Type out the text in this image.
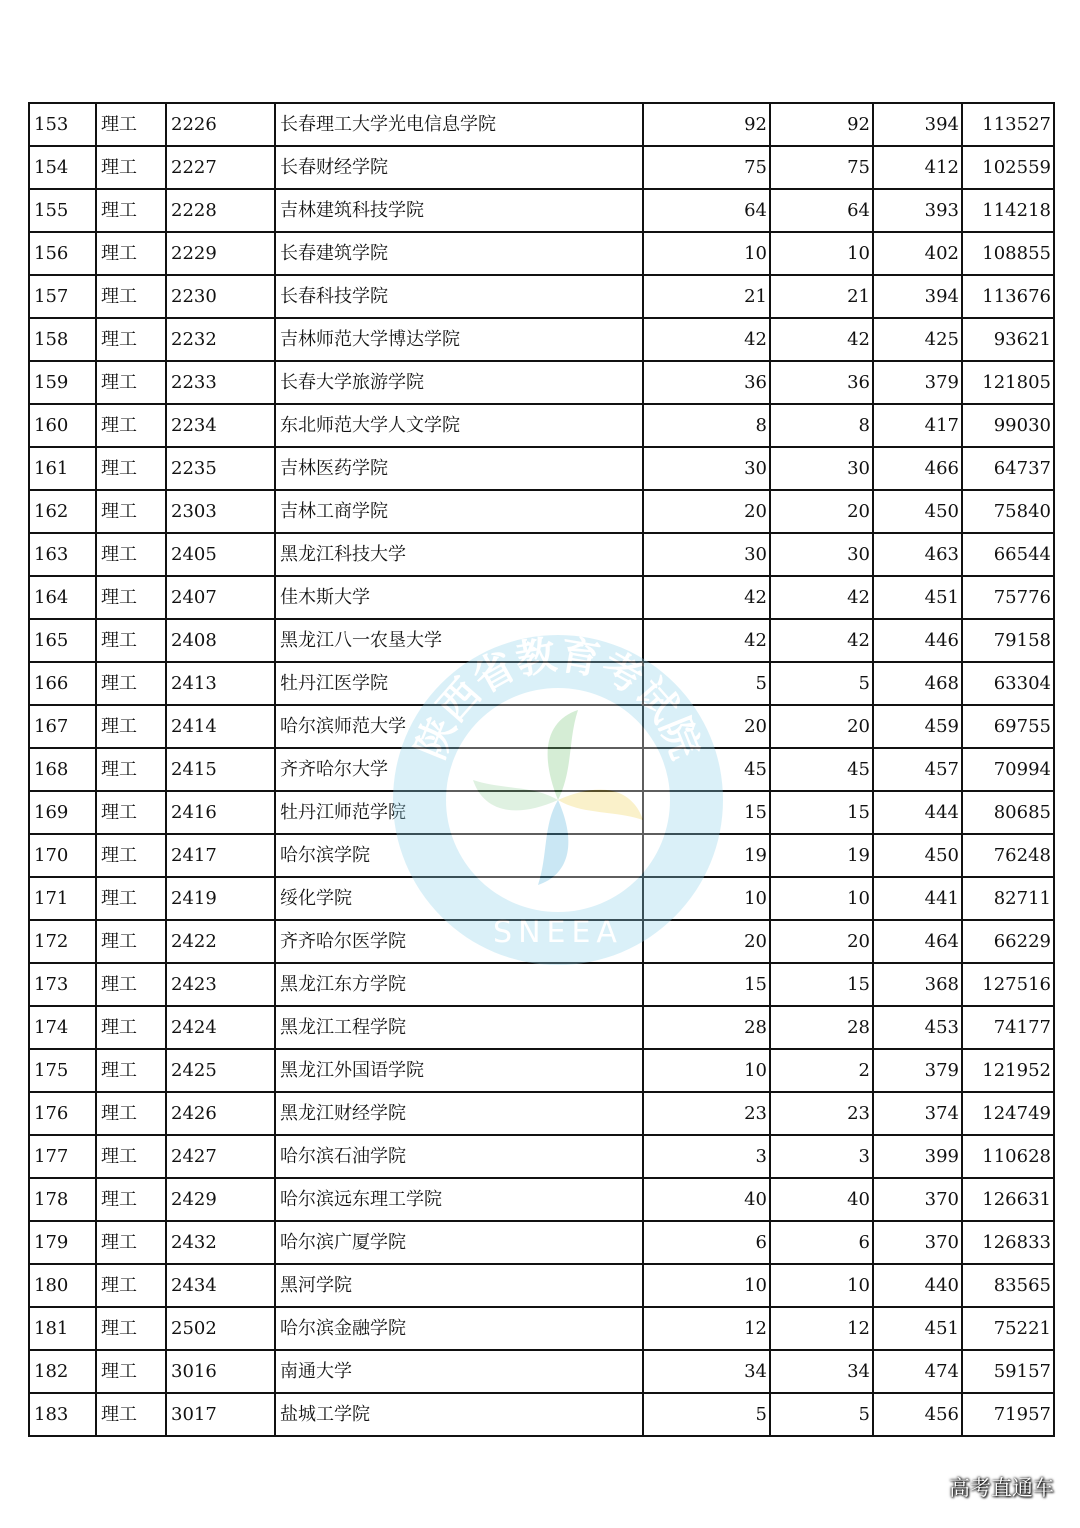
153	理工	2226	长春理工大学光电信息学院	92	92	394	113527
154	理工	2227	长春财经学院	75	75	412	102559
155	理工	2228	吉林建筑科技学院	64	64	393	114218
156	理工	2229	长春建筑学院	10	10	402	108855
157	理工	2230	长春科技学院	21	21	394	113676
158	理工	2232	吉林师范大学博达学院	42	42	425	93621
159	理工	2233	长春大学旅游学院	36	36	379	121805
160	理工	2234	东北师范大学人文学院	8	8	417	99030
161	理工	2235	吉林医药学院	30	30	466	64737
162	理工	2303	吉林工商学院	20	20	450	75840
163	理工	2405	黑龙江科技大学	30	30	463	66544
164	理工	2407	佳木斯大学	42	42	451	75776
165	理工	2408	黑龙江八一农垦大学	42	42	446	79158
166	理工	2413	牡丹江医学院	5	5	468	63304
167	理工	2414	哈尔滨师范大学	20	20	459	69755
168	理工	2415	齐齐哈尔大学	45	45	457	70994
169	理工	2416	牡丹江师范学院	15	15	444	80685
170	理工	2417	哈尔滨学院	19	19	450	76248
171	理工	2419	绥化学院	10	10	441	82711
172	理工	2422	齐齐哈尔医学院	20	20	464	66229
173	理工	2423	黑龙江东方学院	15	15	368	127516
174	理工	2424	黑龙江工程学院	28	28	453	74177
175	理工	2425	黑龙江外国语学院	10	2	379	121952
176	理工	2426	黑龙江财经学院	23	23	374	124749
177	理工	2427	哈尔滨石油学院	3	3	399	110628
178	理工	2429	哈尔滨远东理工学院	40	40	370	126631
179	理工	2432	哈尔滨广厦学院	6	6	370	126833
180	理工	2434	黑河学院	10	10	440	83565
181	理工	2502	哈尔滨金融学院	12	12	451	75221
182	理工	3016	南通大学	34	34	474	59157
183	理工	3017	盐城工学院	5	5	456	71957
陕西省教育考试院
SNEEA
高考直通车
